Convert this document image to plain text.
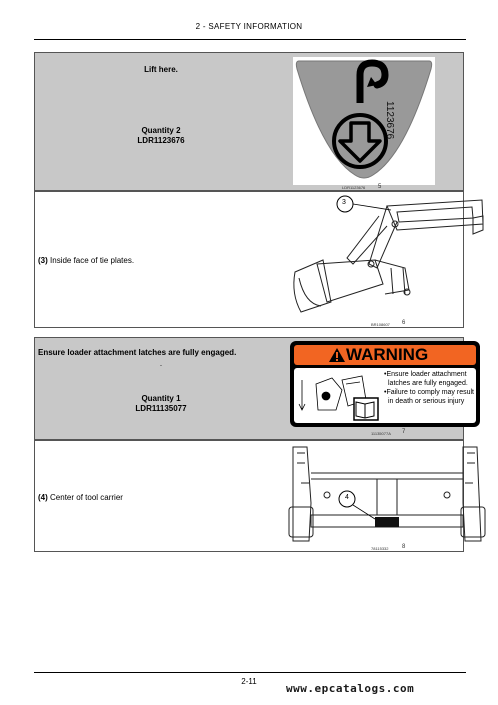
2 - SAFETY INFORMATION
Lift here.
Quantity 2
LDR1123676
1123676
LDR1123676 5
(3) Inside face of tie plates.
3
BR108607 6
Ensure loader attachment latches are fully engaged.
.
Quantity 1
LDR11135077
WARNING
•Ensure loader attachment latches are fully engaged.
•Failure to comply may result in death or serious injury
11135077A 7
(4) Center of tool carrier	4
78115332 8
2-11
www.epcatalogs.com
